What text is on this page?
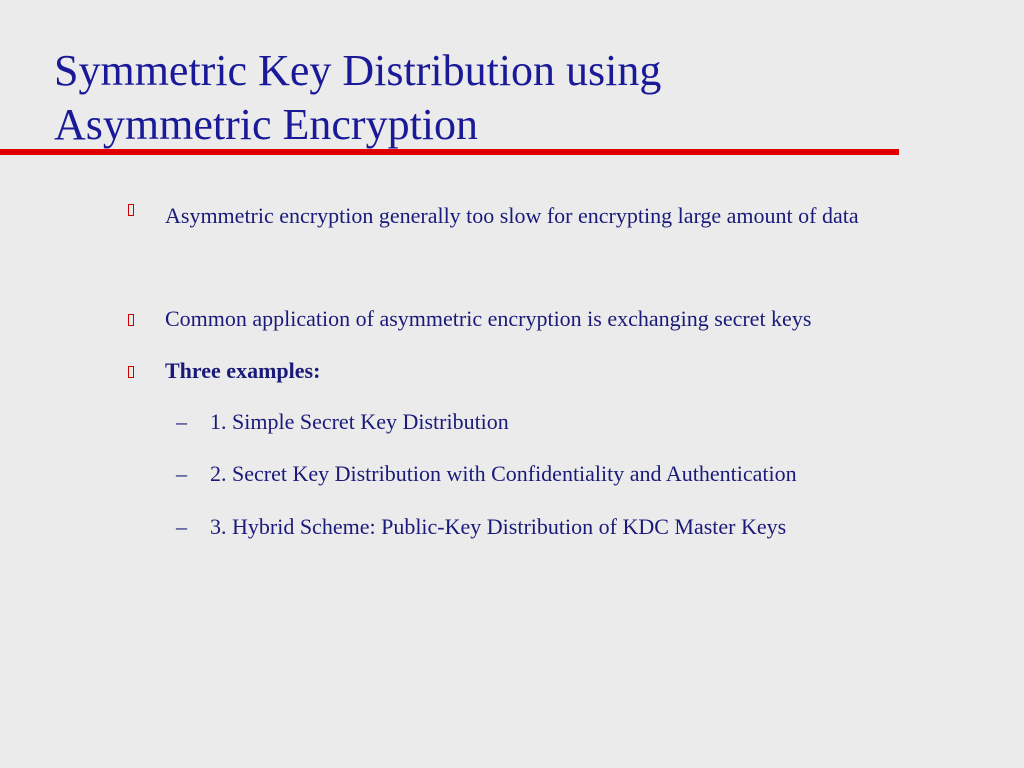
Symmetric Key Distribution using
Asymmetric Encryption
Asymmetric encryption generally too slow for encrypting large amount of data
Common application of asymmetric encryption is exchanging secret keys
Three examples:
– 1. Simple Secret Key Distribution
– 2. Secret Key Distribution with Confidentiality and Authentication
– 3. Hybrid Scheme: Public-Key Distribution of KDC Master Keys
